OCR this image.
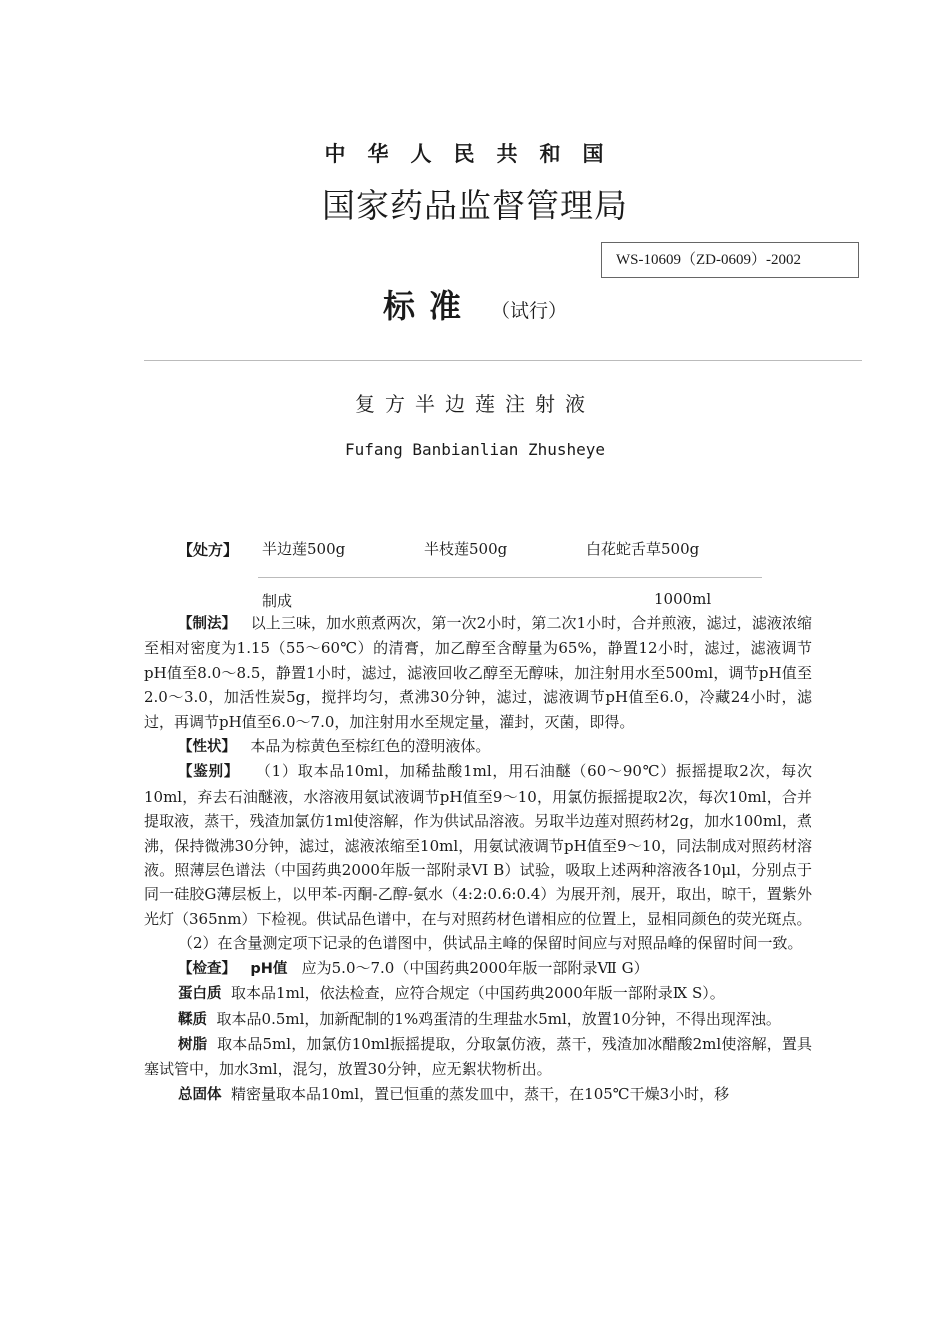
中华人民共和国
国家药品监督管理局
WS-10609（ZD-0609）-2002
标准 （试行）
复方半边莲注射液
Fufang Banbianlian Zhusheye
【处方】 半边莲500g	半枝莲500g	白花蛇舌草500g
制成	1000ml

【制法】 以上三味，加水煎煮两次，第一次2小时，第二次1小时，合并煎液，滤过，滤液浓缩至相对密度为1.15（55～60℃）的清膏，加乙醇至含醇量为65%，静置12小时，滤过，滤液调节pH值至8.0～8.5，静置1小时，滤过，滤液回收乙醇至无醇味，加注射用水至500ml，调节pH值至2.0～3.0，加活性炭5g，搅拌均匀，煮沸30分钟，滤过，滤液调节pH值至6.0，冷藏24小时，滤过，再调节pH值至6.0～7.0，加注射用水至规定量，灌封，灭菌，即得。

【性状】 本品为棕黄色至棕红色的澄明液体。

【鉴别】 （1）取本品10ml，加稀盐酸1ml，用石油醚（60～90℃）振摇提取2次，每次10ml，弃去石油醚液，水溶液用氨试液调节pH值至9～10，用氯仿振摇提取2次，每次10ml，合并提取液，蒸干，残渣加氯仿1ml使溶解，作为供试品溶液。另取半边莲对照药材2g，加水100ml，煮沸，保持微沸30分钟，滤过，滤液浓缩至10ml，用氨试液调节pH值至9～10，同法制成对照药材溶液。照薄层色谱法（中国药典2000年版一部附录VI B）试验，吸取上述两种溶液各10μl，分别点于同一硅胶G薄层板上，以甲苯-丙酮-乙醇-氨水（4:2:0.6:0.4）为展开剂，展开，取出，晾干，置紫外光灯（365nm）下检视。供试品色谱中，在与对照药材色谱相应的位置上，显相同颜色的荧光斑点。

（2）在含量测定项下记录的色谱图中，供试品主峰的保留时间应与对照品峰的保留时间一致。

【检查】 pH值 应为5.0～7.0（中国药典2000年版一部附录Ⅶ G）

蛋白质 取本品1ml，依法检查，应符合规定（中国药典2000年版一部附录Ⅸ S）。

鞣质 取本品0.5ml，加新配制的1%鸡蛋清的生理盐水5ml，放置10分钟，不得出现浑浊。

树脂 取本品5ml，加氯仿10ml振摇提取，分取氯仿液，蒸干，残渣加冰醋酸2ml使溶解，置具塞试管中，加水3ml，混匀，放置30分钟，应无絮状物析出。

总固体 精密量取本品10ml，置已恒重的蒸发皿中，蒸干，在105℃干燥3小时，移
